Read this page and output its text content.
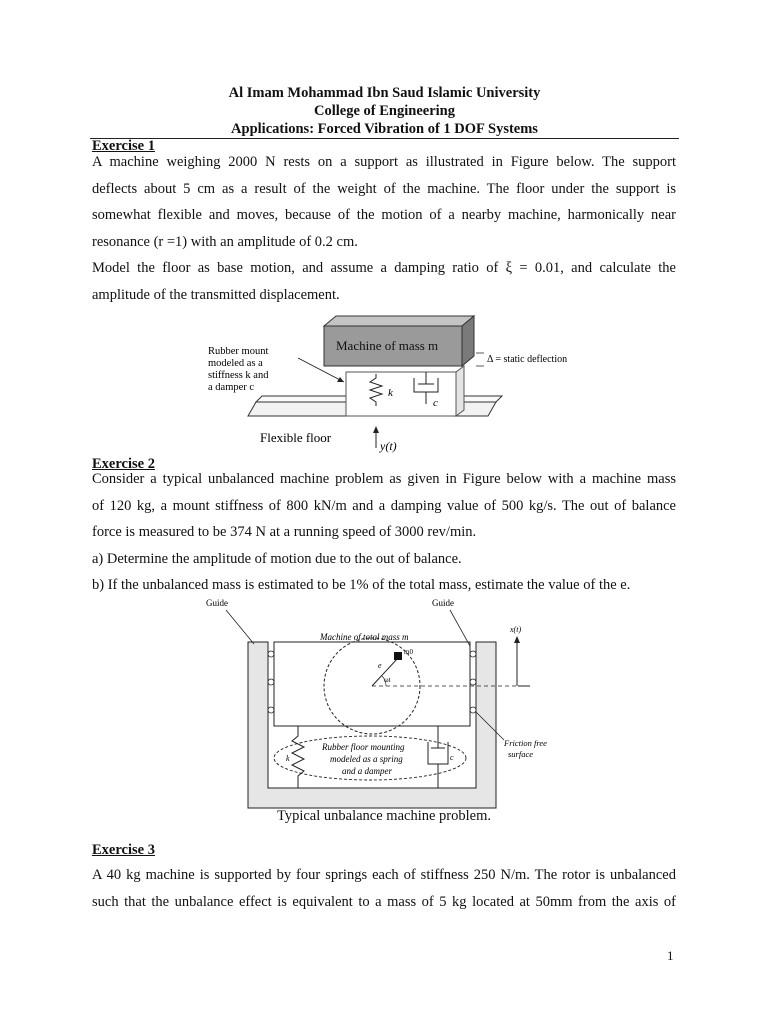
Al Imam Mohammad Ibn Saud Islamic University
College of Engineering
Applications: Forced Vibration of 1 DOF Systems
Exercise 1

A machine weighing 2000 N rests on a support as illustrated in Figure below. The support

deflects about 5 cm as a result of the weight of the machine. The floor under the support is

somewhat flexible and moves, because of the motion of a nearby machine, harmonically near

resonance (r =1) with an amplitude of 0.2 cm.

Model the floor as base motion, and assume a damping ratio of ξ = 0.01, and calculate the

amplitude of the transmitted displacement.

Machine of mass m
Rubber mount
modeled as a
stiffness k and
a damper c
Δ = static deflection
k
c
Flexible floor
y(t)
Exercise 2

Consider a typical unbalanced machine problem as given in Figure below with a machine mass

of 120 kg, a mount stiffness of 800 kN/m and a damping value of 500 kg/s. The out of balance

force is measured to be 374 N at a running speed of 3000 rev/min.

a) Determine the amplitude of motion due to the out of balance.

b) If the unbalanced mass is estimated to be 1% of the total mass, estimate the value of the e.

Guide	Guide
Machine of total mass m
m0
e
ωt
x(t)
Rubber floor mounting
modeled as a spring
and a damper
k	c
Friction free
surface
Typical unbalance machine problem.
Exercise 3

A 40 kg machine is supported by four springs each of stiffness 250 N/m. The rotor is unbalanced

such that the unbalance effect is equivalent to a mass of 5 kg located at 50mm from the axis of

1
